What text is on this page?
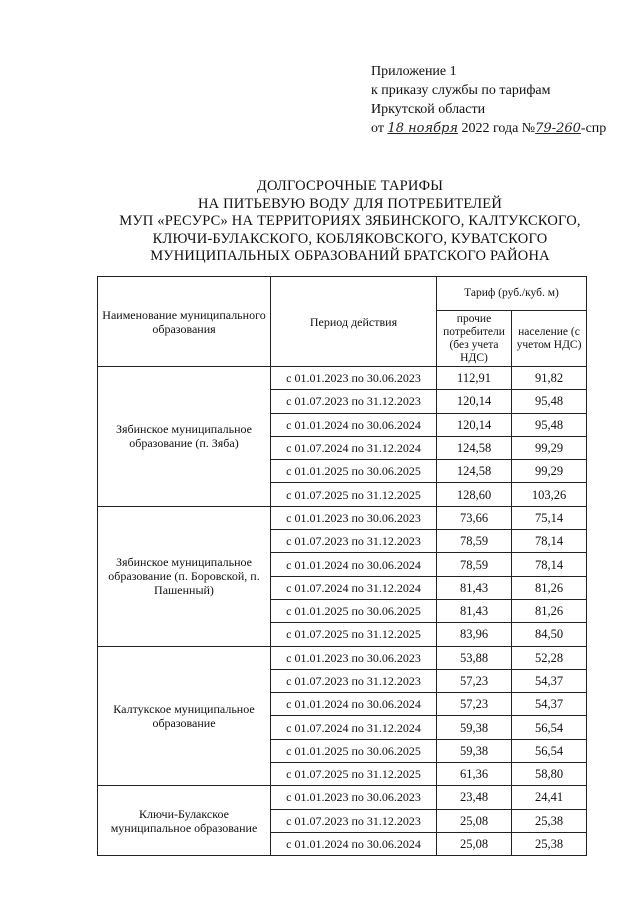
Приложение 1
к приказу службы по тарифам
Иркутской области
от 18 ноября 2022 года №79-260-спр
ДОЛГОСРОЧНЫЕ ТАРИФЫ
НА ПИТЬЕВУЮ ВОДУ ДЛЯ ПОТРЕБИТЕЛЕЙ
МУП «РЕСУРС» НА ТЕРРИТОРИЯХ ЗЯБИНСКОГО, КАЛТУКСКОГО,
КЛЮЧИ-БУЛАКСКОГО, КОБЛЯКОВСКОГО, КУВАТСКОГО
МУНИЦИПАЛЬНЫХ ОБРАЗОВАНИЙ БРАТСКОГО РАЙОНА
Наименование муниципального образования	Период действия	Тариф (руб./куб. м)	
		прочие потребители (без учета НДС)	население (с учетом НДС)
Зябинское муниципальное образование (п. Зяба)	с 01.01.2023 по 30.06.2023	112,91	91,82
	с 01.07.2023 по 31.12.2023	120,14	95,48
	с 01.01.2024 по 30.06.2024	120,14	95,48
	с 01.07.2024 по 31.12.2024	124,58	99,29
	с 01.01.2025 по 30.06.2025	124,58	99,29
	с 01.07.2025 по 31.12.2025	128,60	103,26
Зябинское муниципальное образование (п. Боровской, п. Пашенный)	с 01.01.2023 по 30.06.2023	73,66	75,14
	с 01.07.2023 по 31.12.2023	78,59	78,14
	с 01.01.2024 по 30.06.2024	78,59	78,14
	с 01.07.2024 по 31.12.2024	81,43	81,26
	с 01.01.2025 по 30.06.2025	81,43	81,26
	с 01.07.2025 по 31.12.2025	83,96	84,50
Калтукское муниципальное образование	с 01.01.2023 по 30.06.2023	53,88	52,28
	с 01.07.2023 по 31.12.2023	57,23	54,37
	с 01.01.2024 по 30.06.2024	57,23	54,37
	с 01.07.2024 по 31.12.2024	59,38	56,54
	с 01.01.2025 по 30.06.2025	59,38	56,54
	с 01.07.2025 по 31.12.2025	61,36	58,80
Ключи-Булакское муниципальное образование	с 01.01.2023 по 30.06.2023	23,48	24,41
	с 01.07.2023 по 31.12.2023	25,08	25,38
	с 01.01.2024 по 30.06.2024	25,08	25,38
